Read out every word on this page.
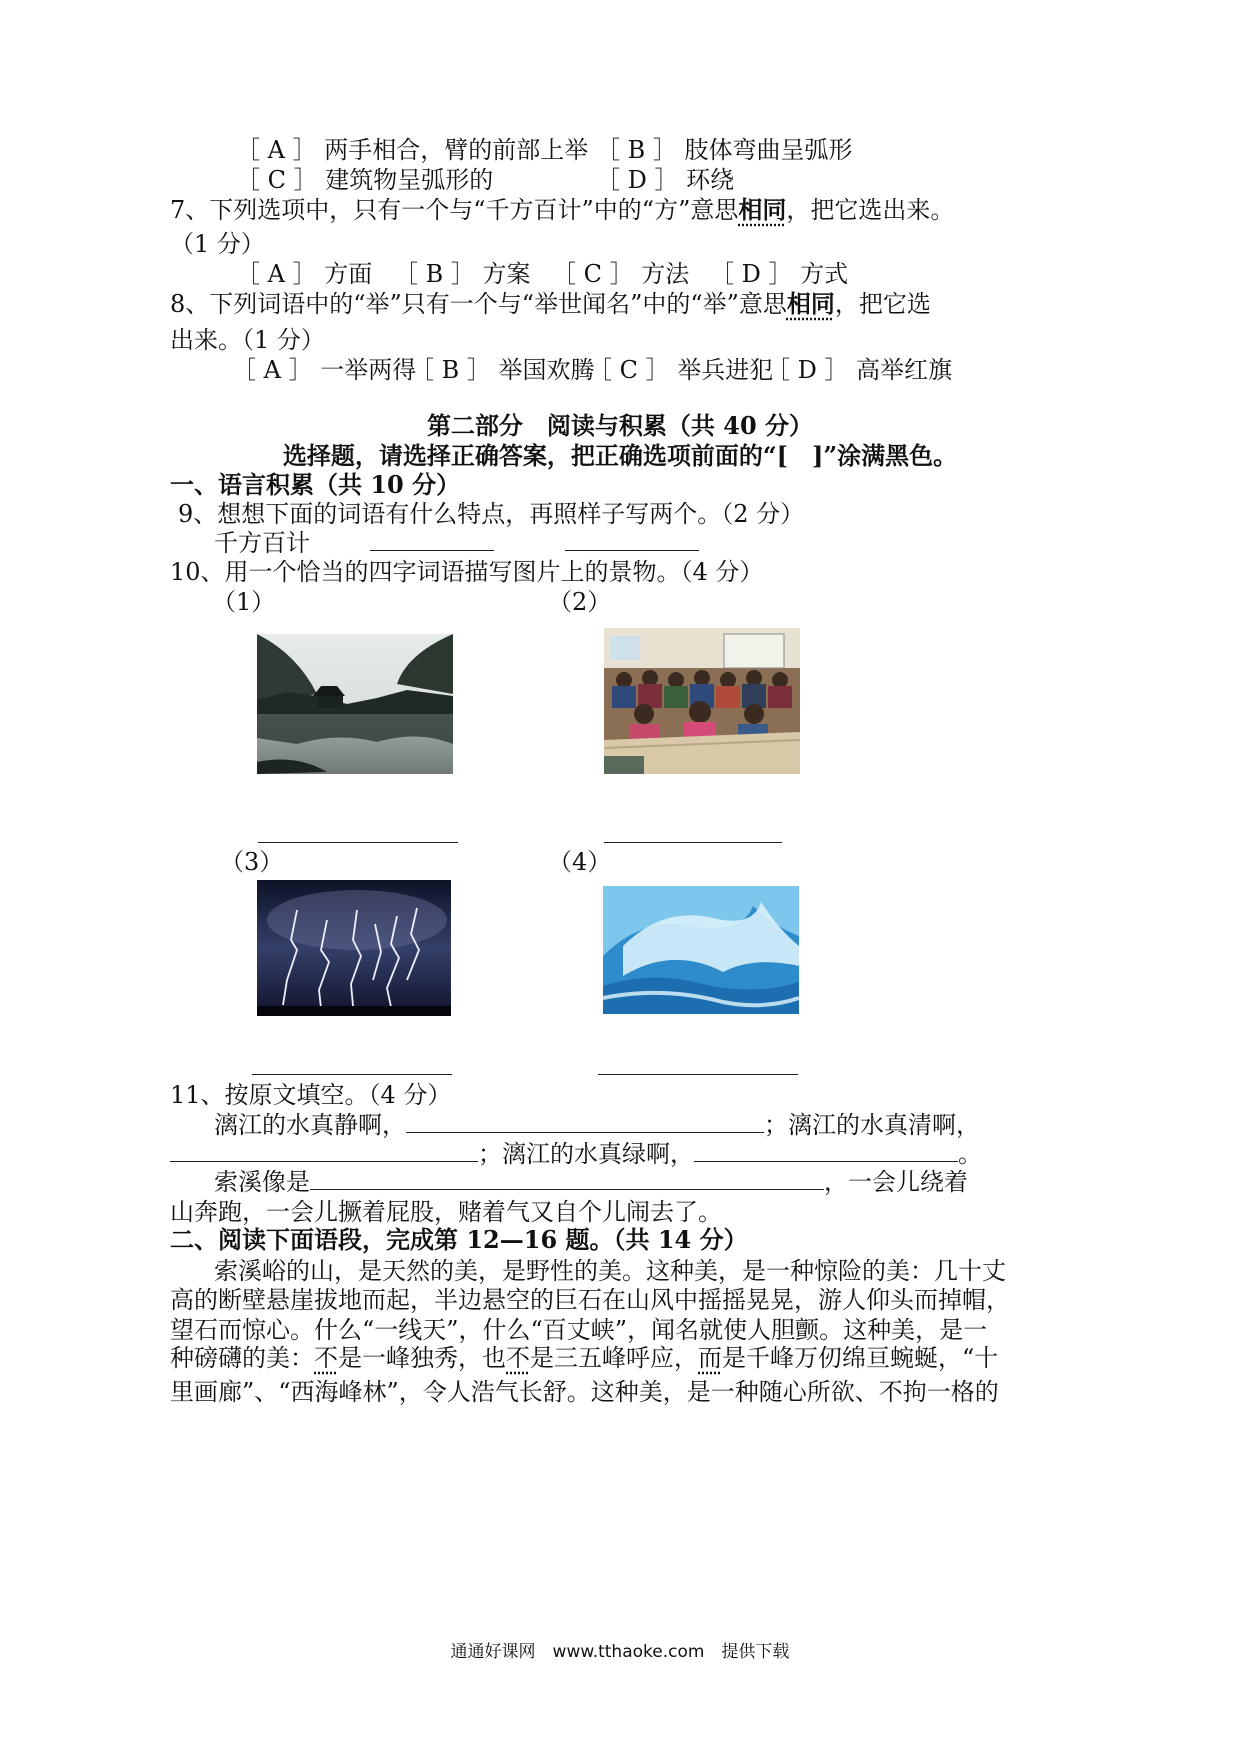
［ A ］ 两手相合，臂的前部上举 ［ B ］ 肢体弯曲呈弧形
［ C ］ 建筑物呈弧形的	［ D ］ 环绕
7、下列选项中，只有一个与“千方百计”中的“方”意思相同，把它选出来。
（1 分）
［ A ］ 方面 ［ B ］ 方案 ［ C ］ 方法 ［ D ］ 方式
8、下列词语中的“举”只有一个与“举世闻名”中的“举”意思相同，把它选
出来。（1 分）
［ A ］ 一举两得［ B ］ 举国欢腾［ C ］ 举兵进犯［ D ］ 高举红旗
第二部分　阅读与积累（共 40 分）
选择题，请选择正确答案，把正确选项前面的“[　]”涂满黑色。
一、语言积累（共 10 分）
9、想想下面的词语有什么特点，再照样子写两个。（2 分）
千方百计
10、用一个恰当的四字词语描写图片上的景物。（4 分）
（1）	（2）
（3）	（4）
11、按原文填空。（4 分）
漓江的水真静啊，	；漓江的水真清啊，
；漓江的水真绿啊，	。
索溪像是	，一会儿绕着
山奔跑，一会儿撅着屁股，赌着气又自个儿闹去了。
二、阅读下面语段，完成第 12—16 题。（共 14 分）
索溪峪的山，是天然的美，是野性的美。这种美，是一种惊险的美：几十丈
高的断壁悬崖拔地而起，半边悬空的巨石在山风中摇摇晃晃，游人仰头而掉帽，
望石而惊心。什么“一线天”，什么“百丈峡”，闻名就使人胆颤。这种美，是一
种磅礴的美：不是一峰独秀，也不是三五峰呼应，而是千峰万仞绵亘蜿蜒，“十
里画廊”、“西海峰林”，令人浩气长舒。这种美，是一种随心所欲、不拘一格的
通通好课网　www.tthaoke.com　提供下载
